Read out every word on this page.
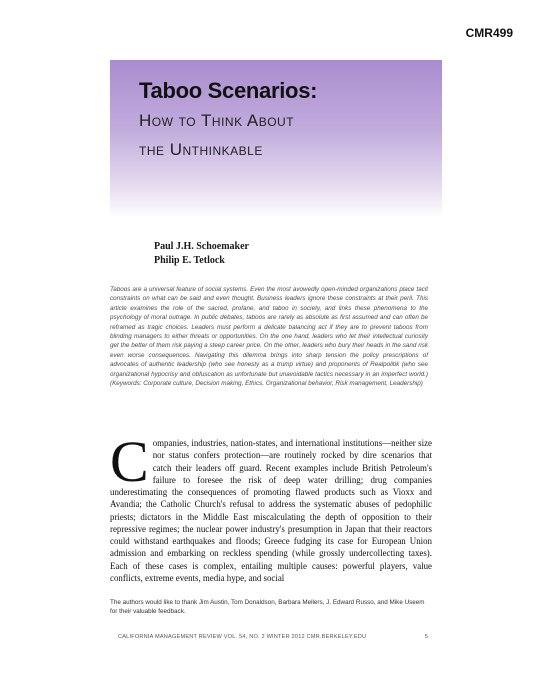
CMR499
Taboo Scenarios:
How to Think About
the Unthinkable
Paul J.H. Schoemaker
Philip E. Tetlock
Taboos are a universal feature of social systems. Even the most avowedly open-minded organizations place tacit constraints on what can be said and even thought. Business leaders ignore these constraints at their peril. This article examines the role of the sacred, profane, and taboo in society, and links these phenomena to the psychology of moral outrage. In public debates, taboos are rarely as absolute as first assumed and can often be reframed as tragic choices. Leaders must perform a delicate balancing act if they are to prevent taboos from blinding managers to either threats or opportunities. On the one hand, leaders who let their intellectual curiosity get the better of them risk paying a steep career price. On the other, leaders who bury their heads in the sand risk even worse consequences. Navigating this dilemma brings into sharp tension the policy prescriptions of advocates of authentic leadership (who see honesty as a trump virtue) and proponents of Realpolitik (who see organizational hypocrisy and obfuscation as unfortunate but unavoidable tactics necessary in an imperfect world.) (Keywords: Corporate culture, Decision making, Ethics, Organizational behavior, Risk management, Leadership)
Companies, industries, nation-states, and international institutions—neither size nor status confers protection—are routinely rocked by dire scenarios that catch their leaders off guard. Recent examples include British Petroleum's failure to foresee the risk of deep water drilling; drug companies underestimating the consequences of promoting flawed products such as Vioxx and Avandia; the Catholic Church's refusal to address the systematic abuses of pedophilic priests; dictators in the Middle East miscalculating the depth of opposition to their repressive regimes; the nuclear power industry's presumption in Japan that their reactors could withstand earthquakes and floods; Greece fudging its case for European Union admission and embarking on reckless spending (while grossly undercollecting taxes). Each of these cases is complex, entailing multiple causes: powerful players, value conflicts, extreme events, media hype, and social
The authors would like to thank Jim Austin, Tom Donaldson, Barbara Mellers, J. Edward Russo, and Mike Useem for their valuable feedback.
CALIFORNIA MANAGEMENT REVIEW VOL. 54, NO. 2 WINTER 2012 CMR.BERKELEY.EDU	5
